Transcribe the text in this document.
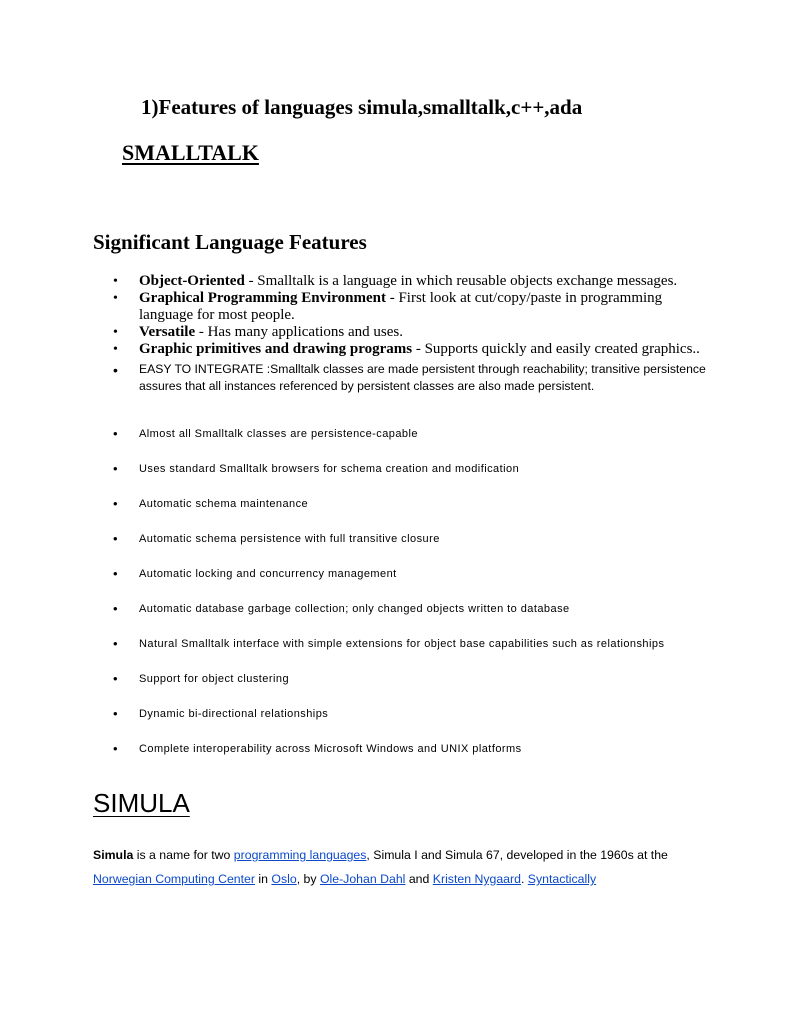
1)Features of languages simula,smalltalk,c++,ada
SMALLTALK
Significant Language Features
• Object-Oriented - Smalltalk is a language in which reusable objects exchange messages.
• Graphical Programming Environment - First look at cut/copy/paste in programming language for most people.
• Versatile - Has many applications and uses.
• Graphic primitives and drawing programs - Supports quickly and easily created graphics..
• EASY TO INTEGRATE :Smalltalk classes are made persistent through reachability; transitive persistence assures that all instances referenced by persistent classes are also made persistent.
• Almost all Smalltalk classes are persistence-capable
• Uses standard Smalltalk browsers for schema creation and modification
• Automatic schema maintenance
• Automatic schema persistence with full transitive closure
• Automatic locking and concurrency management
• Automatic database garbage collection; only changed objects written to database
• Natural Smalltalk interface with simple extensions for object base capabilities such as relationships
• Support for object clustering
• Dynamic bi-directional relationships
• Complete interoperability across Microsoft Windows and UNIX platforms
SIMULA

Simula is a name for two programming languages, Simula I and Simula 67, developed in the 1960s at the Norwegian Computing Center in Oslo, by Ole-Johan Dahl and Kristen Nygaard. Syntactically
